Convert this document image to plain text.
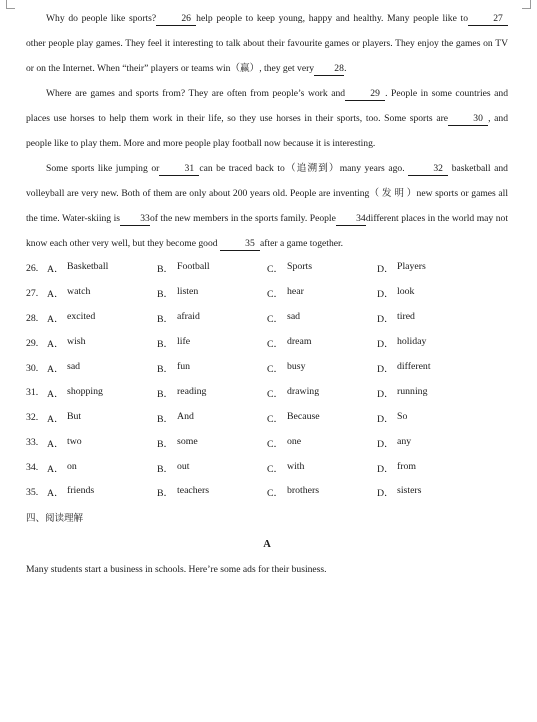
Why do people like sports?	26 help people to keep young, happy and healthy. Many people like to	27other people play games. They feel it interesting to talk about their favourite games or players. They enjoy the games on TV or on the Internet. When “their” players or teams win（赢）, they get very 28.

Where are games and sports from? They are often from people’s work and	29 . People in some countries and places use horses to help them work in their life, so they use horses in their sports, too. Some sports are	30 , and people like to play them. More and more people play football now because it is interesting.

Some sports like jumping or	31 can be traced back to（追溯到）many years ago.	32 basketball and volleyball are very new. Both of them are only about 200 years old. People are inventing（ 发 明 ）new sports or games all the time. Water-skiing is 33of the new members in the sports family. People 34different places in the world may not know each other very well, but they become good	35 after a game together.

26. A． Basketball	B． Football	C． Sports	D． Players
27. A． watch	B． listen	C． hear	D． look
28. A． excited	B． afraid	C． sad	D． tired
29. A． wish	B． life	C． dream	D． holiday
30. A． sad	B． fun	C． busy	D． different
31. A． shopping	B． reading	C． drawing	D． running
32. A． But	B． And	C． Because	D． So
33. A． two	B． some	C． one	D． any
34. A． on	B． out	C． with	D． from
35. A． friends	B． teachers	C． brothers	D． sisters
四、阅读理解
A
Many students start a business in schools. Here’re some ads for their business.
